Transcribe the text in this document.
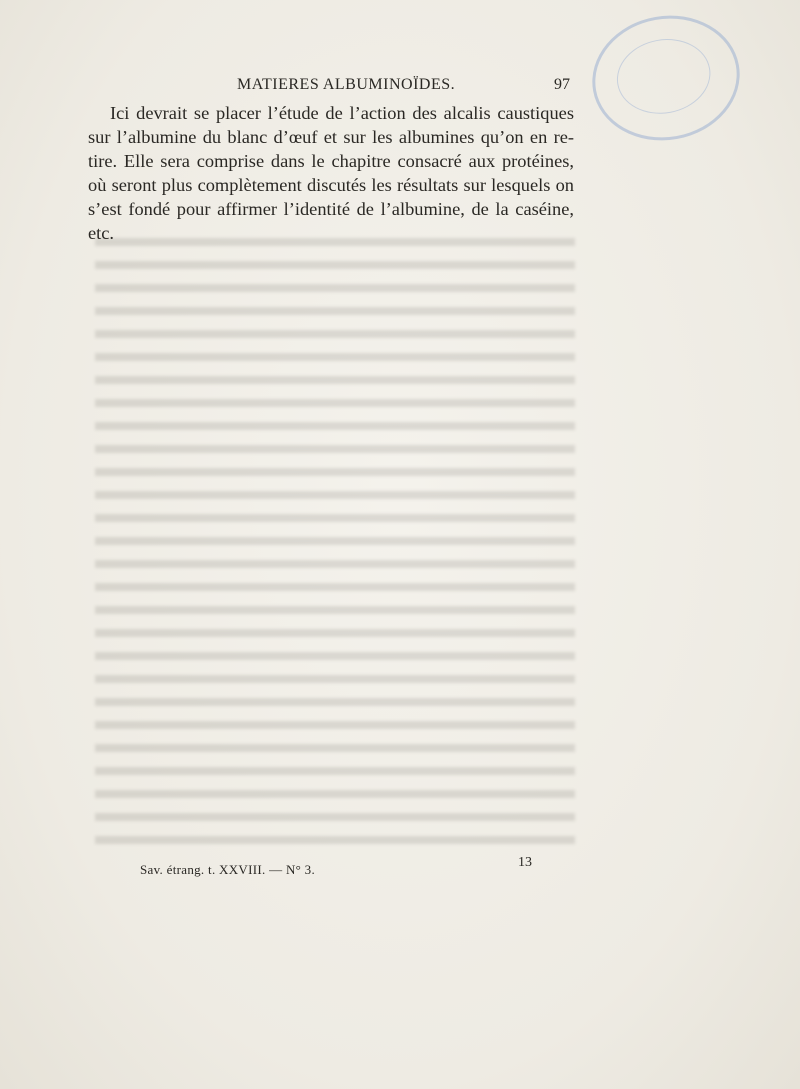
MATIERES ALBUMINOÏDES.	97

Ici devrait se placer l’étude de l’action des alcalis caustiques
sur l’albumine du blanc d’œuf et sur les albumines qu’on en re-
tire. Elle sera comprise dans le chapitre consacré aux protéines,
où seront plus complètement discutés les résultats sur lesquels on
s’est fondé pour affirmer l’identité de l’albumine, de la caséine, etc.

Sav. étrang. t. XXVIII. — N° 3.	13
